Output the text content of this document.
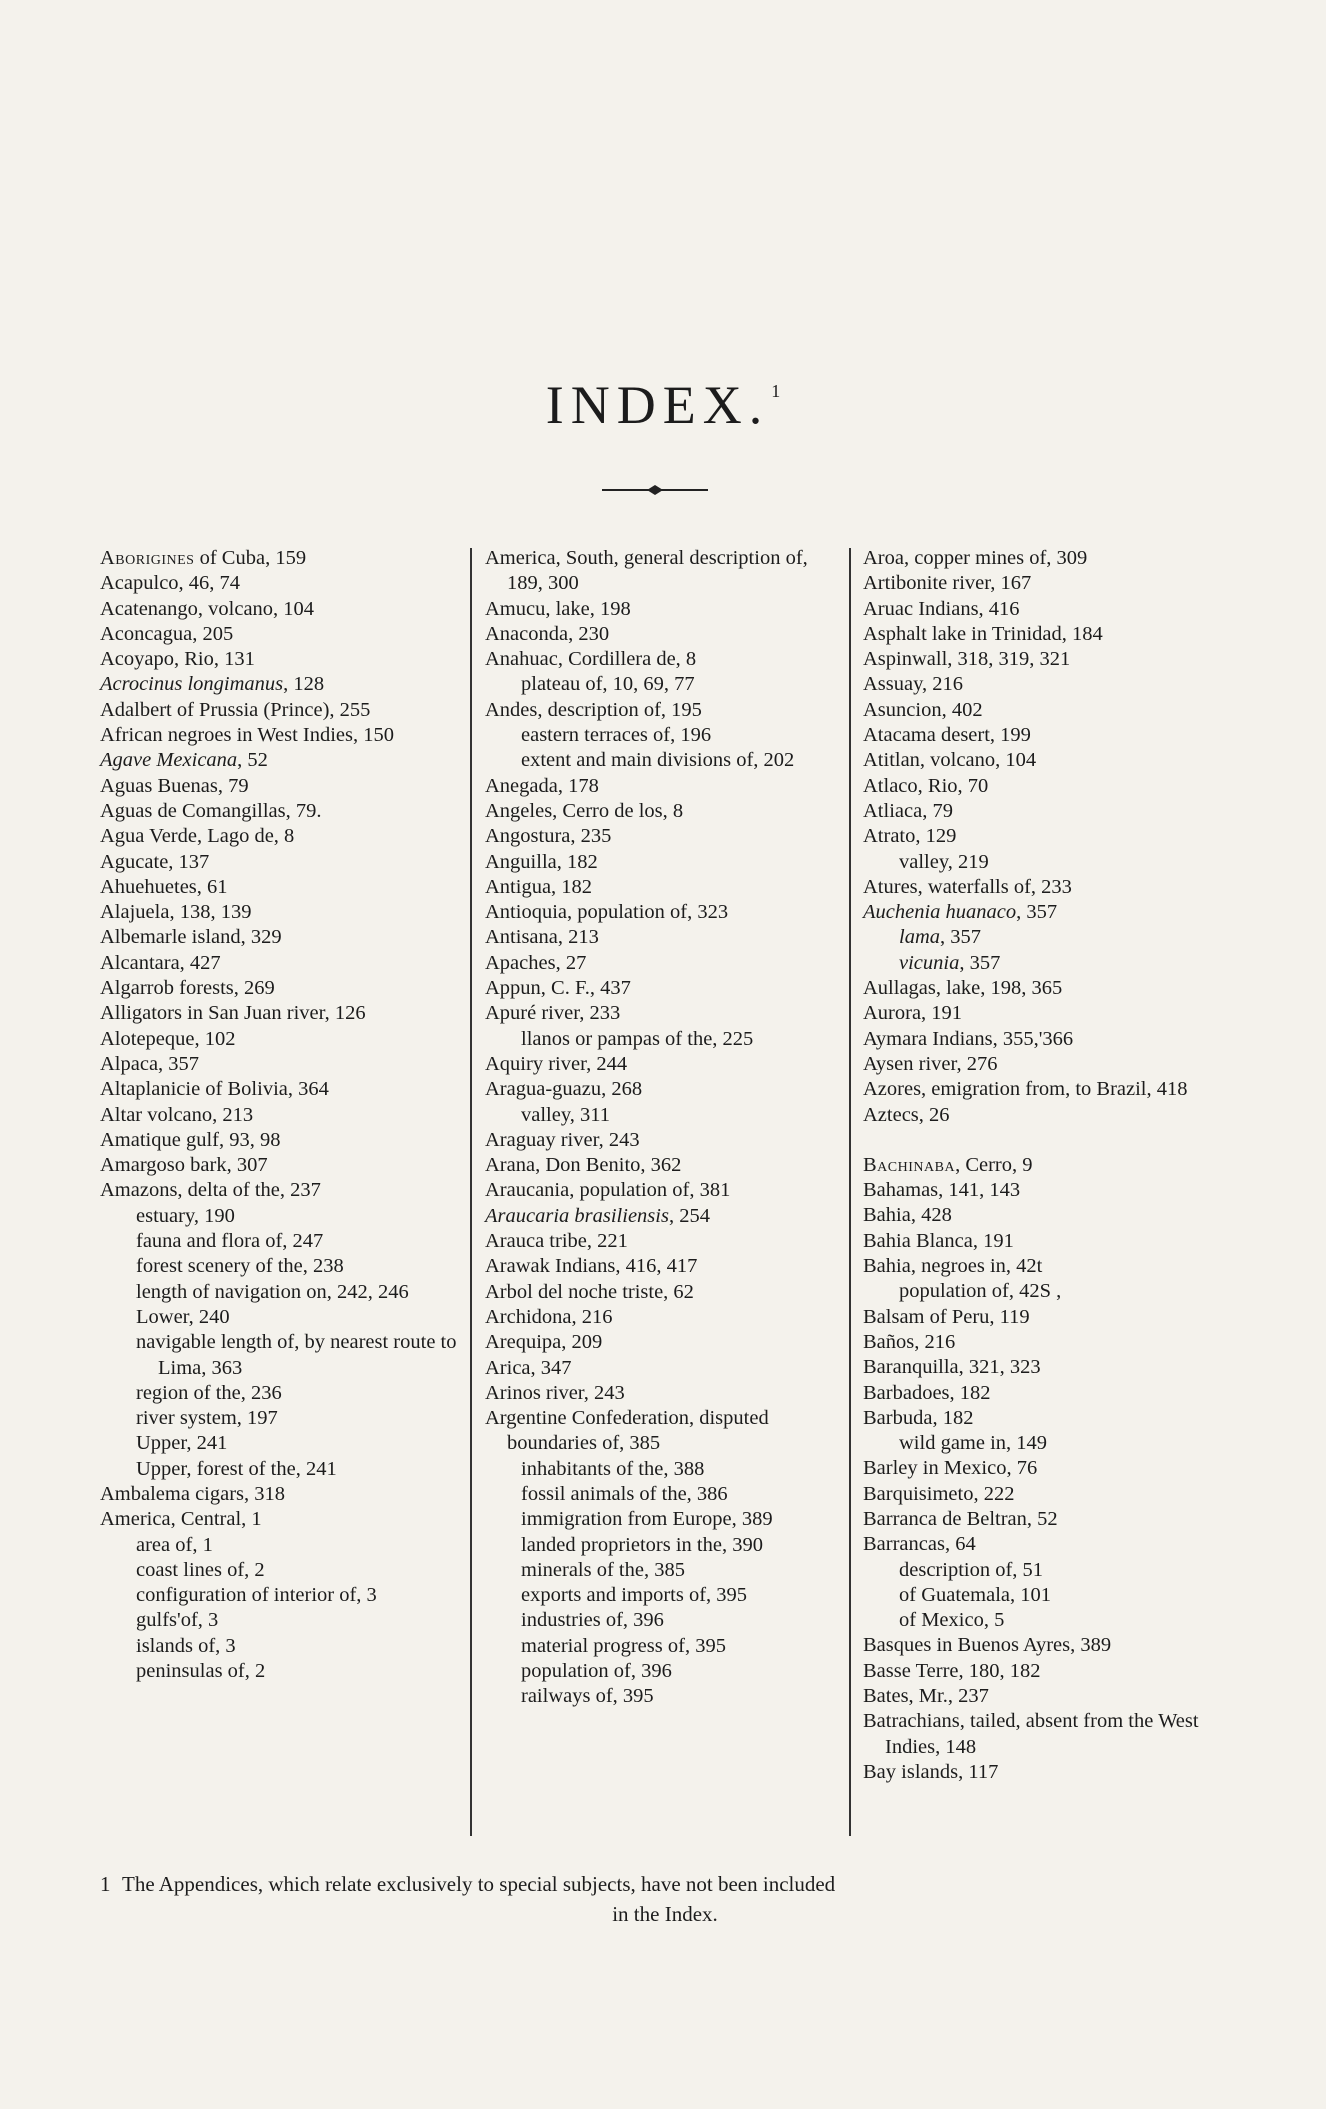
INDEX. $^1$
Aborigines of Cuba, 159
Acapulco, 46, 74
Acatenango, volcano, 104
Aconcagua, 205
Acoyapo, Rio, 131
Acrocinus longimanus, 128
Adalbert of Prussia (Prince), 255
African negroes in West Indies, 150
Agave Mexicana, 52
Aguas Buenas, 79
Aguas de Comangillas, 79.
Agua Verde, Lago de, 8
Agucate, 137
Ahuehuetes, 61
Alajuela, 138, 139
Albemarle island, 329
Alcantara, 427
Algarrob forests, 269
Alligators in San Juan river, 126
Alotepeque, 102
Alpaca, 357
Altaplanicie of Bolivia, 364
Altar volcano, 213
Amatique gulf, 93, 98
Amargoso bark, 307
Amazons, delta of the, 237
estuary, 190
fauna and flora of, 247
forest scenery of the, 238
length of navigation on, 242, 246
Lower, 240
navigable length of, by nearest route to Lima, 363
region of the, 236
river system, 197
Upper, 241
Upper, forest of the, 241
Ambalema cigars, 318
America, Central, 1
area of, 1
coast lines of, 2
configuration of interior of, 3
gulfs'of, 3
islands of, 3
peninsulas of, 2
America, South, general description of, 189, 300
Amucu, lake, 198
Anaconda, 230
Anahuac, Cordillera de, 8
plateau of, 10, 69, 77
Andes, description of, 195
eastern terraces of, 196
extent and main divisions of, 202
Anegada, 178
Angeles, Cerro de los, 8
Angostura, 235
Anguilla, 182
Antigua, 182
Antioquia, population of, 323
Antisana, 213
Apaches, 27
Appun, C. F., 437
Apuré river, 233
llanos or pampas of the, 225
Aquiry river, 244
Aragua-guazu, 268
valley, 311
Araguay river, 243
Arana, Don Benito, 362
Araucania, population of, 381
Araucaria brasiliensis, 254
Arauca tribe, 221
Arawak Indians, 416, 417
Arbol del noche triste, 62
Archidona, 216
Arequipa, 209
Arica, 347
Arinos river, 243
Argentine Confederation, disputed boundaries of, 385
inhabitants of the, 388
fossil animals of the, 386
immigration from Europe, 389
landed proprietors in the, 390
minerals of the, 385
exports and imports of, 395
industries of, 396
material progress of, 395
population of, 396
railways of, 395
Aroa, copper mines of, 309
Artibonite river, 167
Aruac Indians, 416
Asphalt lake in Trinidad, 184
Aspinwall, 318, 319, 321
Assuay, 216
Asuncion, 402
Atacama desert, 199
Atitlan, volcano, 104
Atlaco, Rio, 70
Atliaca, 79
Atrato, 129
valley, 219
Atures, waterfalls of, 233
Auchenia huanaco, 357
lama, 357
vicunia, 357
Aullagas, lake, 198, 365
Aurora, 191
Aymara Indians, 355,'366
Aysen river, 276
Azores, emigration from, to Brazil, 418
Aztecs, 26
Bachinaba, Cerro, 9
Bahamas, 141, 143
Bahia, 428
Bahia Blanca, 191
Bahia, negroes in, 42t
population of, 42S ,
Balsam of Peru, 119
Baños, 216
Baranquilla, 321, 323
Barbadoes, 182
Barbuda, 182
wild game in, 149
Barley in Mexico, 76
Barquisimeto, 222
Barranca de Beltran, 52
Barrancas, 64
description of, 51
of Guatemala, 101
of Mexico, 5
Basques in Buenos Ayres, 389
Basse Terre, 180, 182
Bates, Mr., 237
Batrachians, tailed, absent from the West Indies, 148
Bay islands, 117
1 The Appendices, which relate exclusively to special subjects, have not been included
in the Index.
